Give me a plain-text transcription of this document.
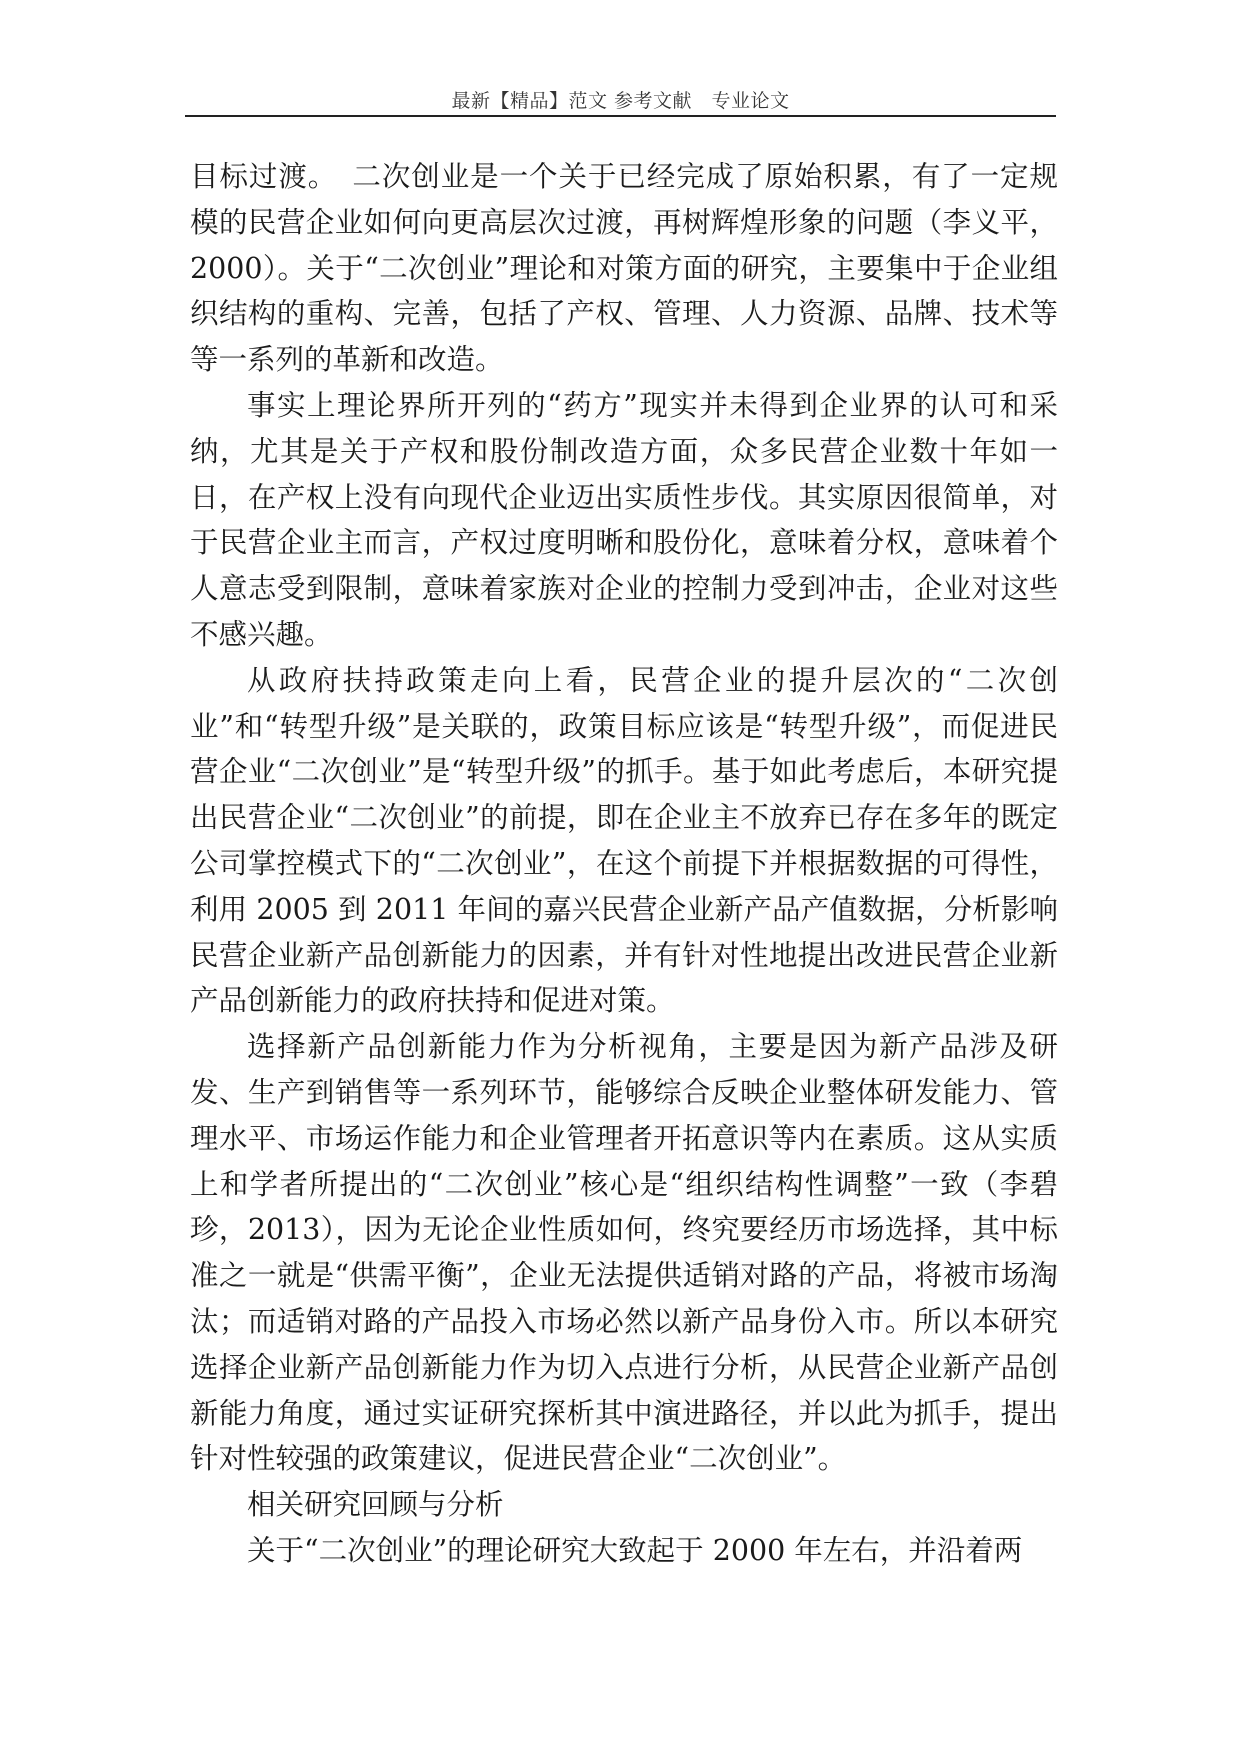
最新【精品】范文 参考文献　专业论文

目标过渡。　二次创业是一个关于已经完成了原始积累，有了一定规模的民营企业如何向更高层次过渡，再树辉煌形象的问题（李义平，2000）。关于“二次创业”理论和对策方面的研究，主要集中于企业组织结构的重构、完善，包括了产权、管理、人力资源、品牌、技术等等一系列的革新和改造。

事实上理论界所开列的“药方”现实并未得到企业界的认可和采纳，尤其是关于产权和股份制改造方面，众多民营企业数十年如一日，在产权上没有向现代企业迈出实质性步伐。其实原因很简单，对于民营企业主而言，产权过度明晰和股份化，意味着分权，意味着个人意志受到限制，意味着家族对企业的控制力受到冲击，企业对这些不感兴趣。

从政府扶持政策走向上看，民营企业的提升层次的“二次创业”和“转型升级”是关联的，政策目标应该是“转型升级”，而促进民营企业“二次创业”是“转型升级”的抓手。基于如此考虑后，本研究提出民营企业“二次创业”的前提，即在企业主不放弃已存在多年的既定公司掌控模式下的“二次创业”，在这个前提下并根据数据的可得性，利用 2005 到 2011 年间的嘉兴民营企业新产品产值数据，分析影响民营企业新产品创新能力的因素，并有针对性地提出改进民营企业新产品创新能力的政府扶持和促进对策。

选择新产品创新能力作为分析视角，主要是因为新产品涉及研发、生产到销售等一系列环节，能够综合反映企业整体研发能力、管理水平、市场运作能力和企业管理者开拓意识等内在素质。这从实质上和学者所提出的“二次创业”核心是“组织结构性调整”一致（李碧珍，2013），因为无论企业性质如何，终究要经历市场选择，其中标准之一就是“供需平衡”，企业无法提供适销对路的产品，将被市场淘汰；而适销对路的产品投入市场必然以新产品身份入市。所以本研究选择企业新产品创新能力作为切入点进行分析，从民营企业新产品创新能力角度，通过实证研究探析其中演进路径，并以此为抓手，提出针对性较强的政策建议，促进民营企业“二次创业”。

相关研究回顾与分析

关于“二次创业”的理论研究大致起于 2000 年左右，并沿着两
